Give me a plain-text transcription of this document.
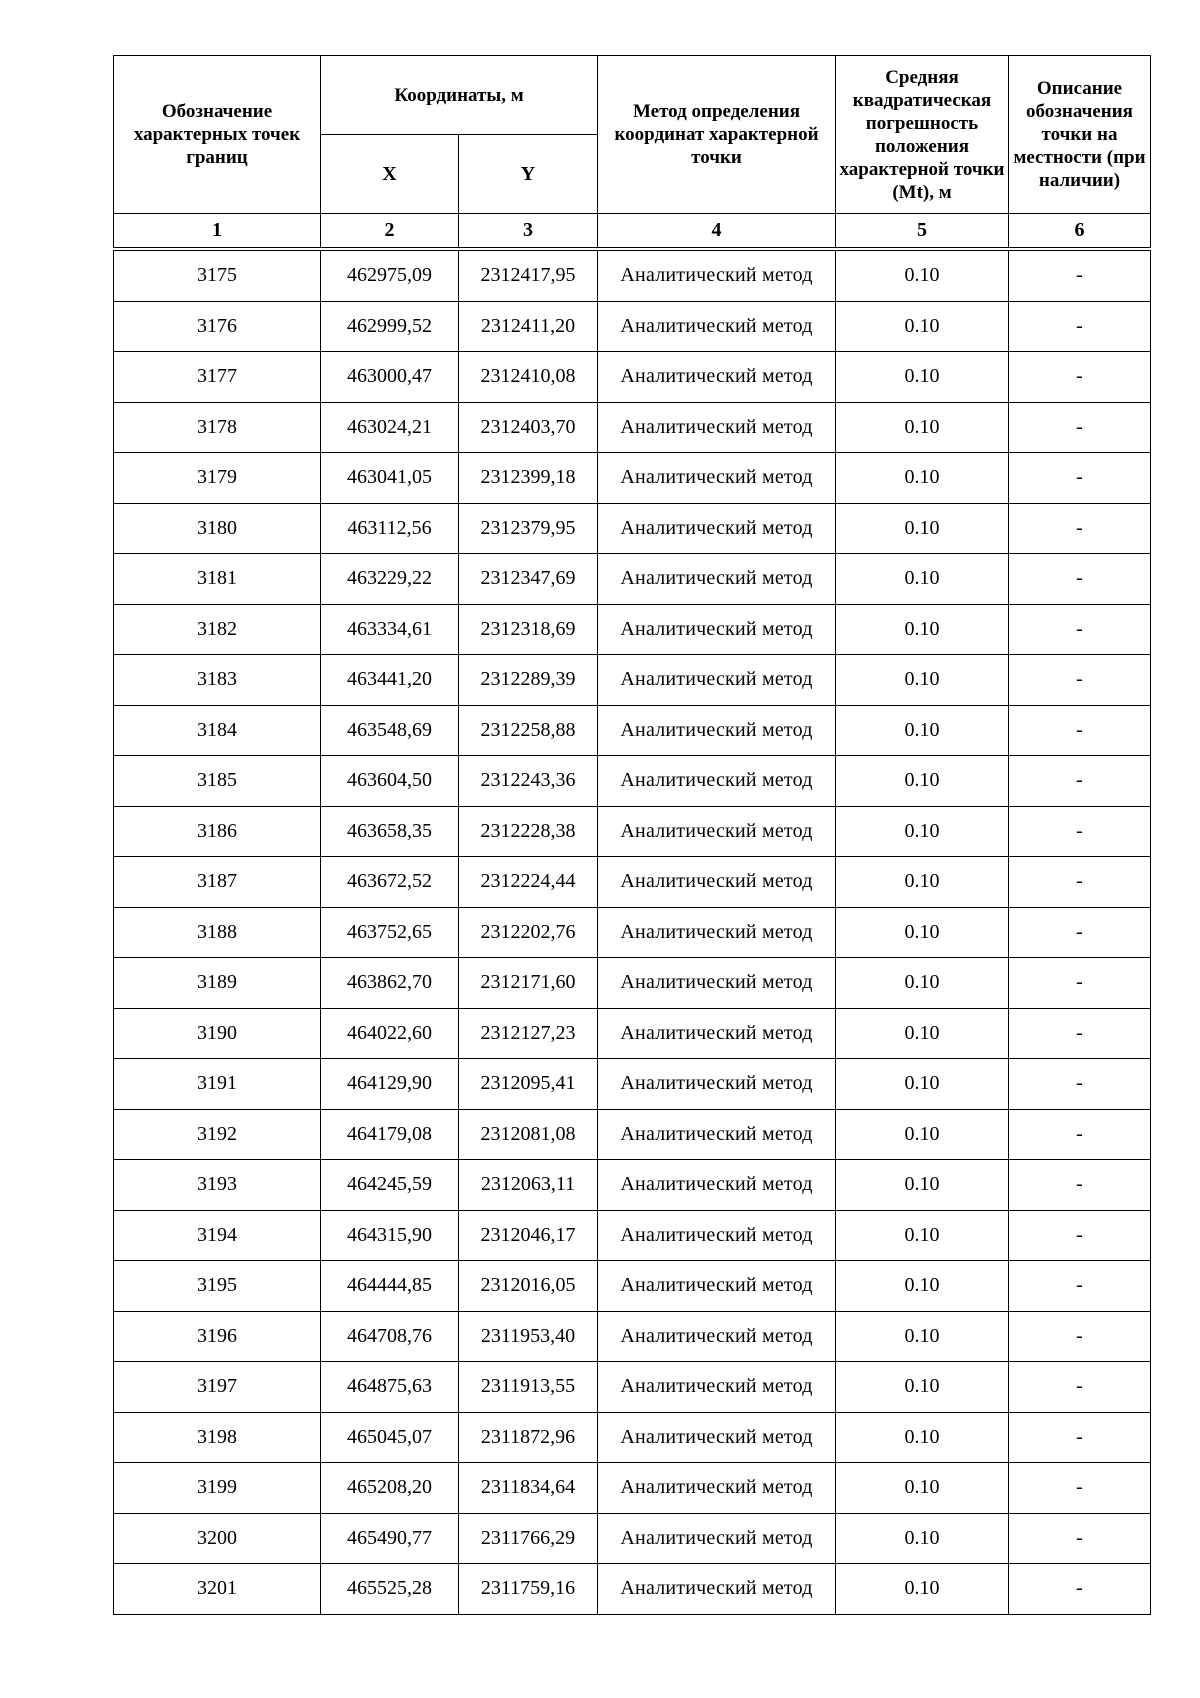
Обозначение характерных точек границ	Координаты, м		Метод определения координат характерной точки	Средняя квадратическая погрешность положения характерной точки (Mt), м	Описание обозначения точки на местности (при наличии)
	X	Y			
1	2	3	4	5	6
3175	462975,09	2312417,95	Аналитический метод	0.10	-
3176	462999,52	2312411,20	Аналитический метод	0.10	-
3177	463000,47	2312410,08	Аналитический метод	0.10	-
3178	463024,21	2312403,70	Аналитический метод	0.10	-
3179	463041,05	2312399,18	Аналитический метод	0.10	-
3180	463112,56	2312379,95	Аналитический метод	0.10	-
3181	463229,22	2312347,69	Аналитический метод	0.10	-
3182	463334,61	2312318,69	Аналитический метод	0.10	-
3183	463441,20	2312289,39	Аналитический метод	0.10	-
3184	463548,69	2312258,88	Аналитический метод	0.10	-
3185	463604,50	2312243,36	Аналитический метод	0.10	-
3186	463658,35	2312228,38	Аналитический метод	0.10	-
3187	463672,52	2312224,44	Аналитический метод	0.10	-
3188	463752,65	2312202,76	Аналитический метод	0.10	-
3189	463862,70	2312171,60	Аналитический метод	0.10	-
3190	464022,60	2312127,23	Аналитический метод	0.10	-
3191	464129,90	2312095,41	Аналитический метод	0.10	-
3192	464179,08	2312081,08	Аналитический метод	0.10	-
3193	464245,59	2312063,11	Аналитический метод	0.10	-
3194	464315,90	2312046,17	Аналитический метод	0.10	-
3195	464444,85	2312016,05	Аналитический метод	0.10	-
3196	464708,76	2311953,40	Аналитический метод	0.10	-
3197	464875,63	2311913,55	Аналитический метод	0.10	-
3198	465045,07	2311872,96	Аналитический метод	0.10	-
3199	465208,20	2311834,64	Аналитический метод	0.10	-
3200	465490,77	2311766,29	Аналитический метод	0.10	-
3201	465525,28	2311759,16	Аналитический метод	0.10	-
